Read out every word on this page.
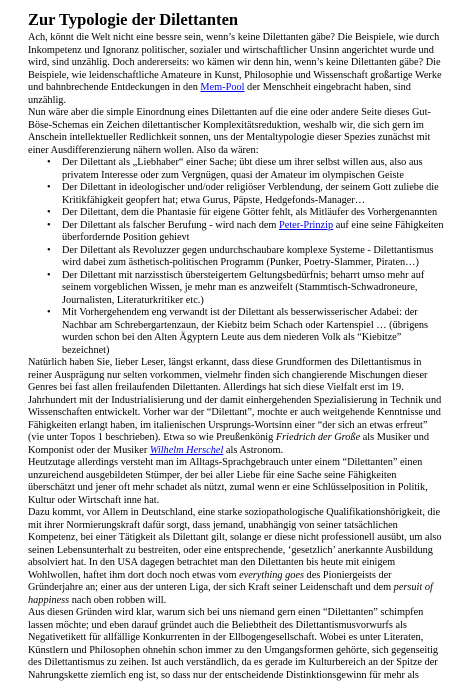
Zur Typologie der Dilettanten

Ach, könnt die Welt nicht eine bessre sein, wenn’s keine Dilettanten gäbe? Die Beispiele, wie durch Inkompetenz und Ignoranz politischer, sozialer und wirtschaftlicher Unsinn angerichtet wurde und wird, sind unzählig. Doch andererseits: wo kämen wir denn hin, wenn’s keine Dilettanten gäbe? Die Beispiele, wie leidenschaftliche Amateure in Kunst, Philosophie und Wissenschaft großartige Werke und bahnbrechende Entdeckungen in den Mem-Pool der Menschheit eingebracht haben, sind unzählig.

Nun wäre aber die simple Einordnung eines Dilettanten auf die eine oder andere Seite dieses Gut-Böse-Schemas ein Zeichen dilettantischer Komplexitätsreduktion, weshalb wir, die sich gern im Anschein intellektueller Redlichkeit sonnen, uns der Mentaltypologie dieser Spezies zunächst mit einer Ausdifferenzierung nähern wollen. Also da wären:

• Der Dilettant als „Liebhaber“ einer Sache; übt diese um ihrer selbst willen aus, also aus privatem Interesse oder zum Vergnügen, quasi der Amateur im olympischen Geiste
• Der Dilettant in ideologischer und/oder religiöser Verblendung, der seinem Gott zuliebe die Kritikfähigkeit geopfert hat; etwa Gurus, Päpste, Hedgefonds-Manager…
• Der Dilettant, dem die Phantasie für eigene Götter fehlt, als Mitläufer des Vorhergenannten
• Der Dilettant als falscher Berufung - wird nach dem Peter-Prinzip auf eine seine Fähigkeiten überfordernde Position gehievt
• Der Dilettant als Revoluzzer gegen undurchschaubare komplexe Systeme - Dilettantismus wird dabei zum ästhetisch-politischen Programm (Punker, Poetry-Slammer, Piraten…)
• Der Dilettant mit narzisstisch übersteigertem Geltungsbedürfnis; beharrt umso mehr auf seinem vorgeblichen Wissen, je mehr man es anzweifelt (Stammtisch-Schwadroneure, Journalisten, Literaturkritiker etc.)
• Mit Vorhergehendem eng verwandt ist der Dilettant als besserwisserischer Adabei: der Nachbar am Schrebergartenzaun, der Kiebitz beim Schach oder Kartenspiel … (übrigens wurden schon bei den Alten Ägyptern Leute aus dem niederen Volk als “Kiebitze” bezeichnet)

Natürlich haben Sie, lieber Leser, längst erkannt, dass diese Grundformen des Dilettantismus in reiner Ausprägung nur selten vorkommen, vielmehr finden sich changierende Mischungen dieser Genres bei fast allen freilaufenden Dilettanten. Allerdings hat sich diese Vielfalt erst im 19. Jahrhundert mit der Industrialisierung und der damit einhergehenden Spezialisierung in Technik und Wissenschaften entwickelt. Vorher war der “Dilettant”, mochte er auch weitgehende Kenntnisse und Fähigkeiten erlangt haben, im italienischen Ursprungs-Wortsinn einer “der sich an etwas erfreut” (vie unter Topos 1 beschrieben). Etwa so wie Preußenkönig Friedrich der Große als Musiker und Komponist oder der Musiker Wilhelm Herschel als Astronom.

Heutzutage allerdings versteht man im Alltags-Sprachgebrauch unter einem “Dilettanten” einen unzureichend ausgebildeten Stümper, der bei aller Liebe für eine Sache seine Fähigkeiten überschätzt und jener oft mehr schadet als nützt, zumal wenn er eine Schlüsselposition in Politik, Kultur oder Wirtschaft inne hat.

Dazu kommt, vor Allem in Deutschland, eine starke soziopathologische Qualifikationshörigkeit, die mit ihrer Normierungskraft dafür sorgt, dass jemand, unabhängig von seiner tatsächlichen Kompetenz, bei einer Tätigkeit als Dilettant gilt, solange er diese nicht professionell ausübt, um also seinen Lebensunterhalt zu bestreiten, oder eine entsprechende, ‘gesetzlich’ anerkannte Ausbildung absolviert hat. In den USA dagegen betrachtet man den Dilettanten bis heute mit einigem Wohlwollen, haftet ihm dort doch noch etwas vom everything goes des Pioniergeists der Gründerjahre an; einer aus der unteren Liga, der sich Kraft seiner Leidenschaft und dem persuit of happiness nach oben robben will.

Aus diesen Gründen wird klar, warum sich bei uns niemand gern einen “Dilettanten” schimpfen lassen möchte; und eben darauf gründet auch die Beliebtheit des Dilettantismusvorwurfs als Negativetikett für allfällige Konkurrenten in der Ellbogengesellschaft. Wobei es unter Literaten, Künstlern und Philosophen ohnehin schon immer zu den Umgangsformen gehörte, sich gegenseitig des Dilettantismus zu zeihen. Ist auch verständlich, da es gerade im Kulturbereich an der Spitze der Nahrungskette ziemlich eng ist, so dass nur der entscheidende Distinktionsgewinn für mehr als
